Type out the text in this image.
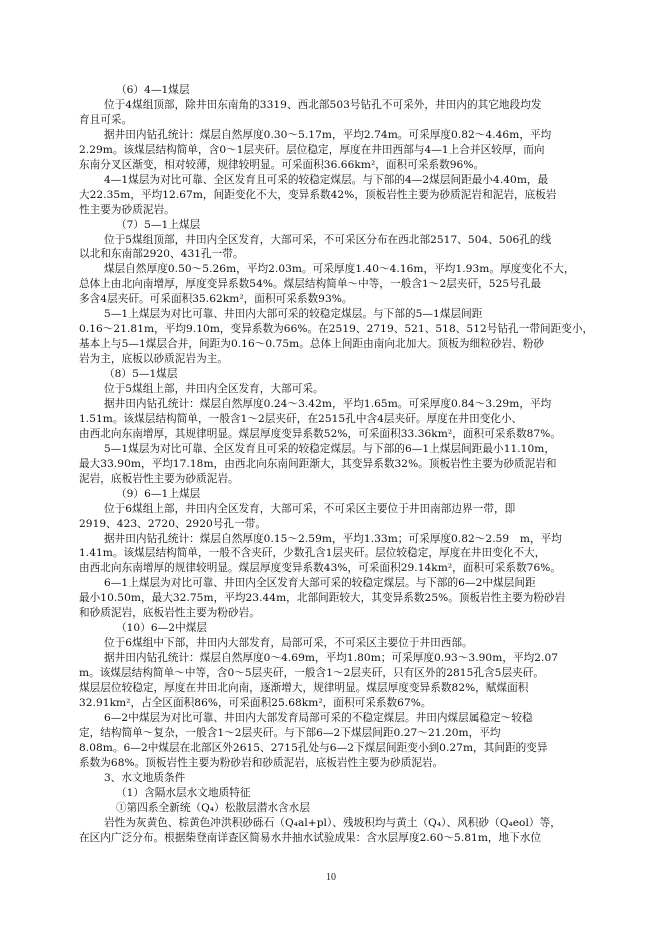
（6）4—1煤层
位于4煤组顶部，除井田东南角的3319、西北部503号钻孔不可采外，井田内的其它地段均发
育且可采。
据井田内钻孔统计：煤层自然厚度0.30～5.17m，平均2.74m。可采厚度0.82～4.46m，平均
2.29m。该煤层结构简单，含0～1层夹矸。层位稳定，厚度在井田西部与4—1上合并区较厚，而向
东南分叉区渐变，相对较薄，规律较明显。可采面积36.66km²，面积可采系数96%。
4—1煤层为对比可靠、全区发育且可采的较稳定煤层。与下部的4—2煤层间距最小4.40m，最
大22.35m，平均12.67m，间距变化不大，变异系数42%，顶板岩性主要为砂质泥岩和泥岩，底板岩
性主要为砂质泥岩。
（7）5—1上煤层
位于5煤组顶部，井田内全区发育，大部可采，不可采区分布在西北部2517、504、506孔的线
以北和东南部2920、431孔一带。
煤层自然厚度0.50～5.26m，平均2.03m。可采厚度1.40～4.16m，平均1.93m。厚度变化不大，
总体上由北向南增厚，厚度变异系数54%。煤层结构简单～中等，一般含1～2层夹矸，525号孔最
多含4层夹矸。可采面积35.62km²，面积可采系数93%。
5—1上煤层为对比可靠、井田内大部可采的较稳定煤层。与下部的5—1煤层间距
0.16～21.81m，平均9.10m，变异系数为66%。在2519、2719、521、518、512号钻孔一带间距变小，
基本上与5—1煤层合并，间距为0.16～0.75m。总体上间距由南向北加大。顶板为细粒砂岩、粉砂
岩为主，底板以砂质泥岩为主。
（8）5—1煤层
位于5煤组上部，井田内全区发育，大部可采。
据井田内钻孔统计：煤层自然厚度0.24～3.42m，平均1.65m。可采厚度0.84～3.29m，平均
1.51m。该煤层结构简单，一般含1～2层夹矸，在2515孔中含4层夹矸。厚度在井田变化小、
由西北向东南增厚，其规律明显。煤层厚度变异系数52%，可采面积33.36km²，面积可采系数87%。
5—1煤层为对比可靠、全区发育且可采的较稳定煤层。与下部的6—1上煤层间距最小11.10m，
最大33.90m，平均17.18m，由西北向东南间距渐大，其变异系数32%。顶板岩性主要为砂质泥岩和
泥岩，底板岩性主要为砂质泥岩。
（9）6—1上煤层
位于6煤组上部，井田内全区发育，大部可采，不可采区主要位于井田南部边界一带，即
2919、423、2720、2920号孔一带。
据井田内钻孔统计：煤层自然厚度0.15～2.59m，平均1.33m；可采厚度0.82～2.59　m，平均
1.41m。该煤层结构简单，一般不含夹矸，少数孔含1层夹矸。层位较稳定，厚度在井田变化不大，
由西北向东南增厚的规律较明显。煤层厚度变异系数43%，可采面积29.14km²，面积可采系数76%。
6—1上煤层为对比可靠、井田内全区发育大部可采的较稳定煤层。与下部的6—2中煤层间距
最小10.50m，最大32.75m，平均23.44m，北部间距较大，其变异系数25%。顶板岩性主要为粉砂岩
和砂质泥岩，底板岩性主要为粉砂岩。
（10）6—2中煤层
位于6煤组中下部，井田内大部发育，局部可采，不可采区主要位于井田西部。
据井田内钻孔统计：煤层自然厚度0～4.69m，平均1.80m；可采厚度0.93～3.90m，平均2.07
m。该煤层结构简单～中等，含0～5层夹矸，一般含1～2层夹矸，只有区外的2815孔含5层夹矸。
煤层层位较稳定，厚度在井田北向南，逐渐增大，规律明显。煤层厚度变异系数82%，赋煤面积
32.91km²，占全区面积86%，可采面积25.68km²，面积可采系数67%。
6—2中煤层为对比可靠、井田内大部发育局部可采的不稳定煤层。井田内煤层属稳定～较稳
定，结构简单～复杂，一般含1～2层夹矸。与下部6—2下煤层间距0.27～21.20m，平均
8.08m。6—2中煤层在北部区外2615、2715孔处与6—2下煤层间距变小到0.27m，其间距的变异
系数为68%。顶板岩性主要为粉砂岩和砂质泥岩，底板岩性主要为砂质泥岩。
3、水文地质条件
（1）含隔水层水文地质特征
①第四系全新统（Q₄）松散层潜水含水层
岩性为灰黄色、棕黄色冲洪积砂砾石（Q₄al+pl）、残坡积均与黄土（Q₄）、风积砂（Q₄eol）等，
在区内广泛分布。根据柴登南详查区简易水井抽水试验成果：含水层厚度2.60～5.81m，地下水位
10
